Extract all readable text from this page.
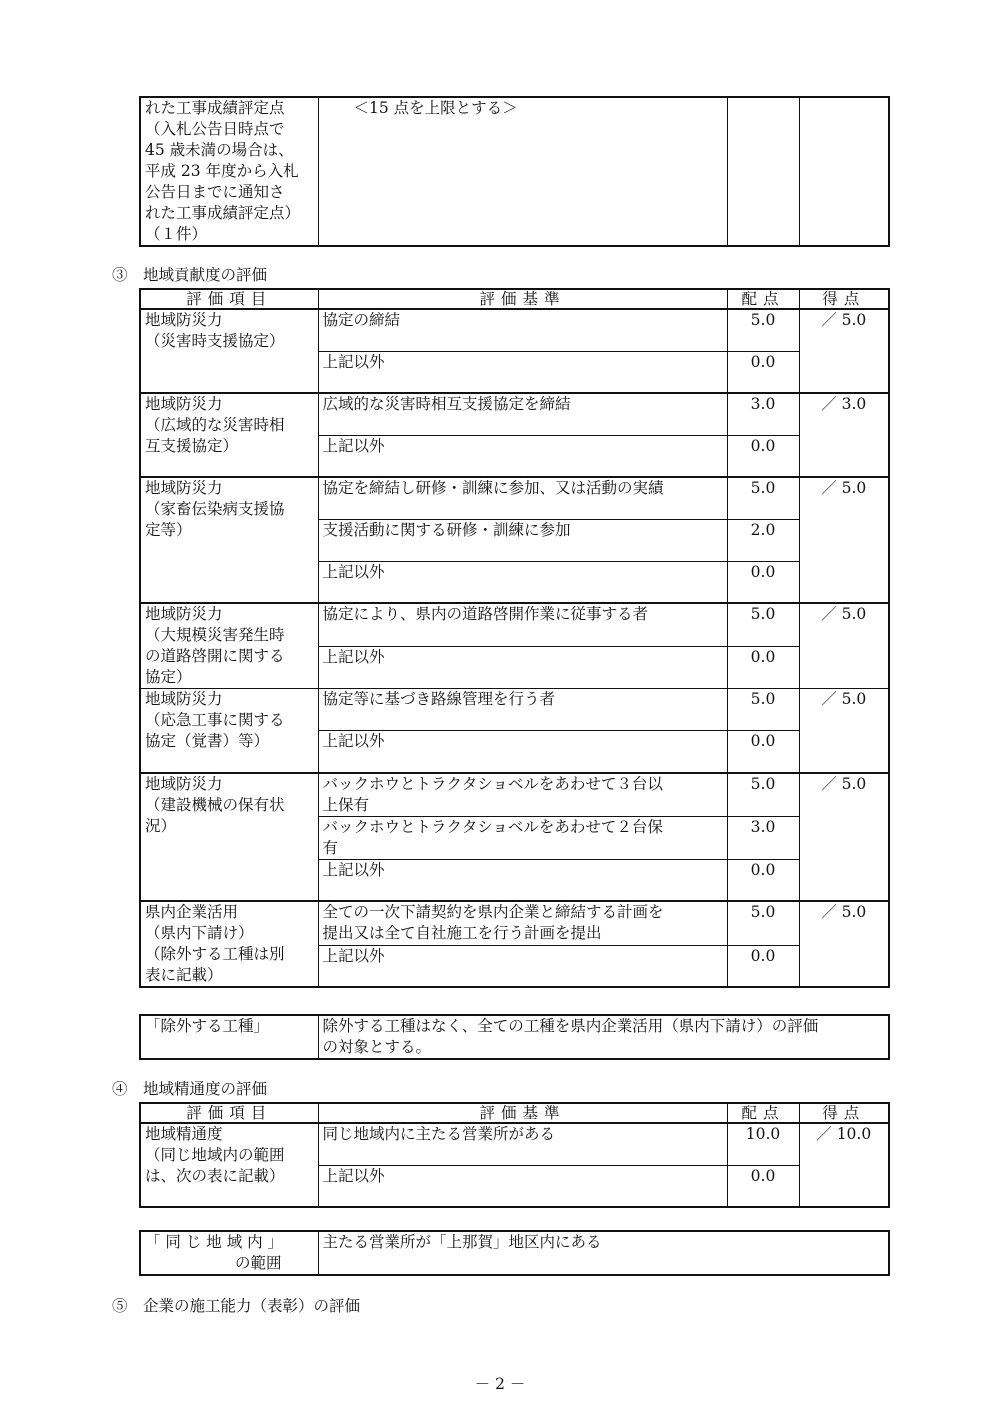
れた工事成績評定点
（入札公告日時点で
45 歳未満の場合は、
平成 23 年度から入札
公告日までに通知さ
れた工事成績評定点）
（１件）

　　＜15 点を上限とする＞

③　地域貢献度の評価
評価項目	評価基準	配点	得点

地域防災力
（災害時支援協定）	協定の締結	5.0	／ 5.0

	上記以外	0.0	

地域防災力
（広域的な災害時相
互支援協定）	広域的な災害時相互支援協定を締結	3.0	／ 3.0

	上記以外	0.0	

地域防災力
（家畜伝染病支援協
定等）	協定を締結し研修・訓練に参加、又は活動の実績	5.0	／ 5.0

	支援活動に関する研修・訓練に参加	2.0	

	上記以外	0.0	

地域防災力
（大規模災害発生時
の道路啓開に関する
協定）	協定により、県内の道路啓開作業に従事する者	5.0	／ 5.0

	上記以外	0.0	

地域防災力
（応急工事に関する
協定（覚書）等）	協定等に基づき路線管理を行う者	5.0	／ 5.0

	上記以外	0.0	

地域防災力
（建設機械の保有状
況）	バックホウとトラクタショベルをあわせて３台以
上保有	5.0	／ 5.0

	バックホウとトラクタショベルをあわせて２台保
有	3.0	

	上記以外	0.0	

県内企業活用
（県内下請け）
（除外する工種は別
表に記載）	全ての一次下請契約を県内企業と締結する計画を
提出又は全て自社施工を行う計画を提出	5.0	／ 5.0

	上記以外	0.0	
「除外する工種」	除外する工種はなく、全ての工種を県内企業活用（県内下請け）の評価
の対象とする。
④　地域精通度の評価
評価項目	評価基準	配点	得点

地域精通度
（同じ地域内の範囲
は、次の表に記載）	同じ地域内に主たる営業所がある	10.0	／ 10.0

	上記以外	0.0	
「 同 じ 地 域 内 」
の範囲
	主たる営業所が「上那賀」地区内にある
⑤　企業の施工能力（表彰）の評価
－ 2 －
